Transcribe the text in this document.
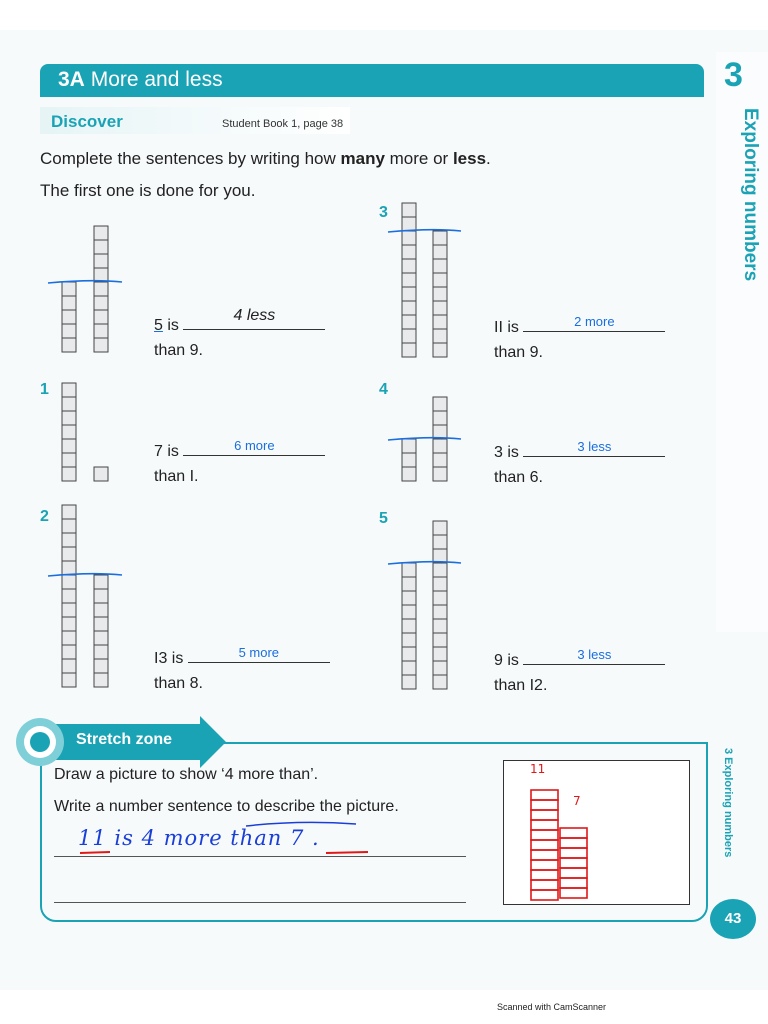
3A More and less	3
Exploring numbers
Discover	Student Book 1, page 38
Complete the sentences by writing how many more or less.
The first one is done for you.
1
2
3
4
5
5 is
4 less

than 9.
7 is	6 more

than I.
I3 is	5 more

than 8.
II is	2 more

than 9.
3 is	3 less

than 6.
9 is	3 less

than I2.
Stretch zone
Draw a picture to show ‘4 more than’.
Write a number sentence to describe the picture.
11 is 4 more than 7 .
11
7	3 Exploring numbers
43
Scanned with CamScanner
